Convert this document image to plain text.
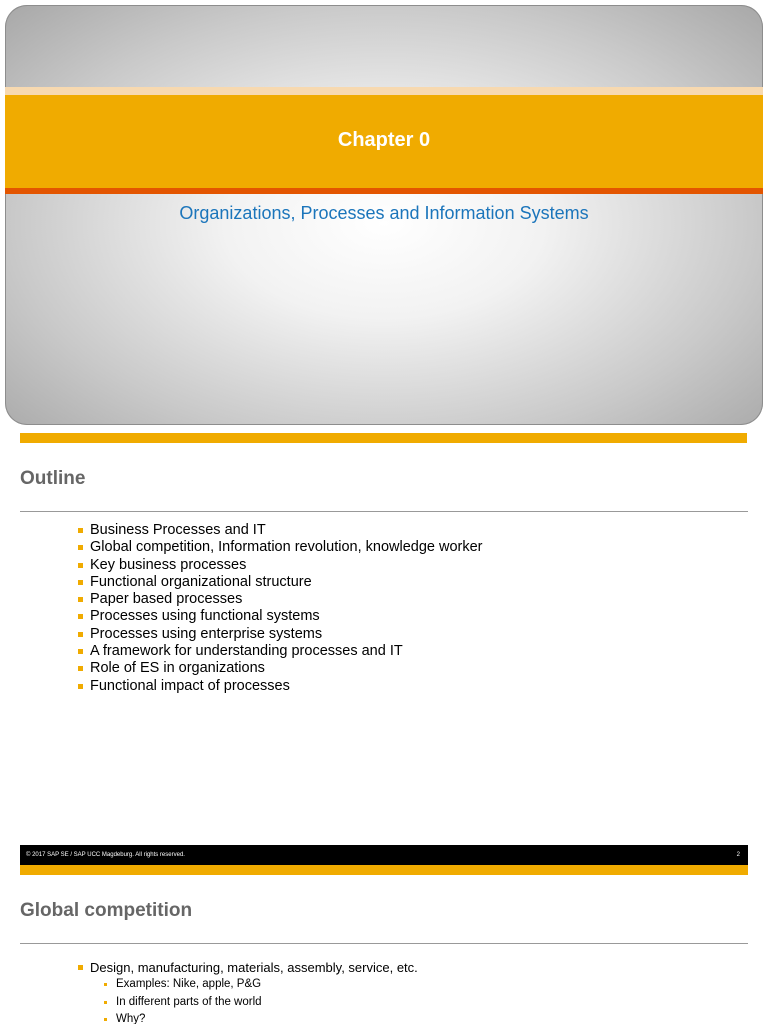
Chapter 0
Organizations, Processes and Information Systems
Outline
Business Processes and IT
Global competition, Information revolution, knowledge worker
Key business processes
Functional organizational structure
Paper based processes
Processes using functional systems
Processes using enterprise systems
A framework for understanding processes and IT
Role of ES in organizations
Functional impact of processes
© 2017 SAP SE / SAP UCC Magdeburg. All rights reserved.	2
Global competition
Design, manufacturing, materials, assembly, service, etc.
Examples: Nike, apple, P&G
In different parts of the world
Why?
